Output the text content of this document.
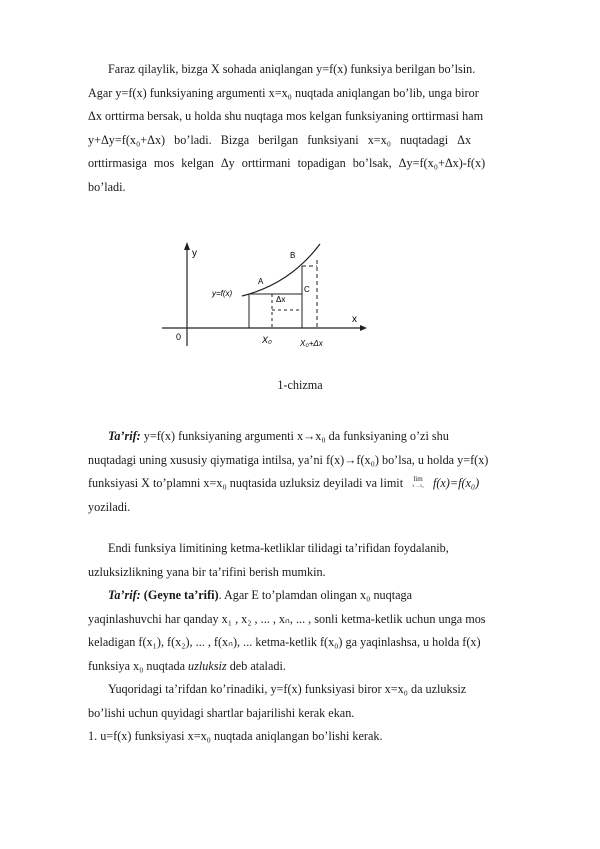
Faraz qilaylik, bizga X sohada aniqlangan y=f(x) funksiya berilgan bo’lsin.
Agar y=f(x) funksiyaning argumenti x=x₀ nuqtada aniqlangan bo’lib, unga biror
Δx orttirma bersak, u holda shu nuqtaga mos kelgan funksiyaning orttirmasi ham
y+Δy=f(x₀+Δx) bo’ladi. Bizga berilgan funksiyani x=x₀ nuqtadagi Δx
orttirmasiga mos kelgan Δy orttirmani topadigan bo’lsak, Δy=f(x₀+Δx)-f(x)
bo’ladi.
y
x
0
y=f(x)
A
B
C
Δx
X₀	X₀+Δx
1-chizma
Ta’rif: y=f(x) funksiyaning argumenti x→x₀ da funksiyaning o’zi shu
nuqtadagi uning xususiy qiymatiga intilsa, ya’ni f(x)→f(x₀) bo’lsa, u holda y=f(x)
funksiyasi X to’plamni x=x₀ nuqtasida uzluksiz deyiladi va limit lim
x→x₀ f(x)=f(x₀)
yoziladi.
Endi funksiya limitining ketma-ketliklar tilidagi ta’rifidan foydalanib,
uzluksizlikning yana bir ta’rifini berish mumkin.
Ta’rif: (Geyne ta’rifi). Agar E to’plamdan olingan x₀ nuqtaga
yaqinlashuvchi har qanday x₁ , x₂ , ... , xₙ, ... , sonli ketma-ketlik uchun unga mos
keladigan f(x₁), f(x₂), ... , f(xₙ), ... ketma-ketlik f(x₀) ga yaqinlashsa, u holda f(x)
funksiya x₀ nuqtada uzluksiz deb ataladi.
Yuqoridagi ta’rifdan ko’rinadiki, y=f(x) funksiyasi biror x=x₀ da uzluksiz
bo’lishi uchun quyidagi shartlar bajarilishi kerak ekan.
1. u=f(x) funksiyasi x=x₀ nuqtada aniqlangan bo’lishi kerak.
